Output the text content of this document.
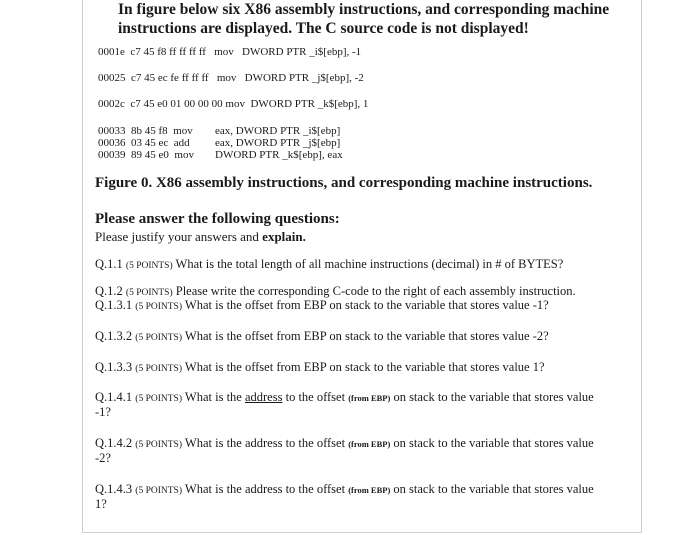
In figure below six X86 assembly instructions, and corresponding machine
instructions are displayed. The C source code is not displayed!
0001e c7 45 f8 ff ff ff ff mov DWORD PTR _i$[ebp], -1
00025 c7 45 ec fe ff ff ff mov DWORD PTR _j$[ebp], -2
0002c c7 45 e0 01 00 00 00 mov DWORD PTR _k$[ebp], 1
00033 8b 45 f8 mov eax, DWORD PTR _i$[ebp]
00036 03 45 ec add eax, DWORD PTR _j$[ebp]
00039 89 45 e0 mov DWORD PTR _k$[ebp], eax
Figure 0. X86 assembly instructions, and corresponding machine instructions.
Please answer the following questions:
Please justify your answers and explain.
Q.1.1 (5 POINTS) What is the total length of all machine instructions (decimal) in # of BYTES?
Q.1.2 (5 POINTS) Please write the corresponding C-code to the right of each assembly instruction.
Q.1.3.1 (5 POINTS) What is the offset from EBP on stack to the variable that stores value -1?
Q.1.3.2 (5 POINTS) What is the offset from EBP on stack to the variable that stores value -2?
Q.1.3.3 (5 POINTS) What is the offset from EBP on stack to the variable that stores value 1?
Q.1.4.1 (5 POINTS) What is the address to the offset (from EBP) on stack to the variable that stores value
-1?
Q.1.4.2 (5 POINTS) What is the address to the offset (from EBP) on stack to the variable that stores value
-2?
Q.1.4.3 (5 POINTS) What is the address to the offset (from EBP) on stack to the variable that stores value
1?
